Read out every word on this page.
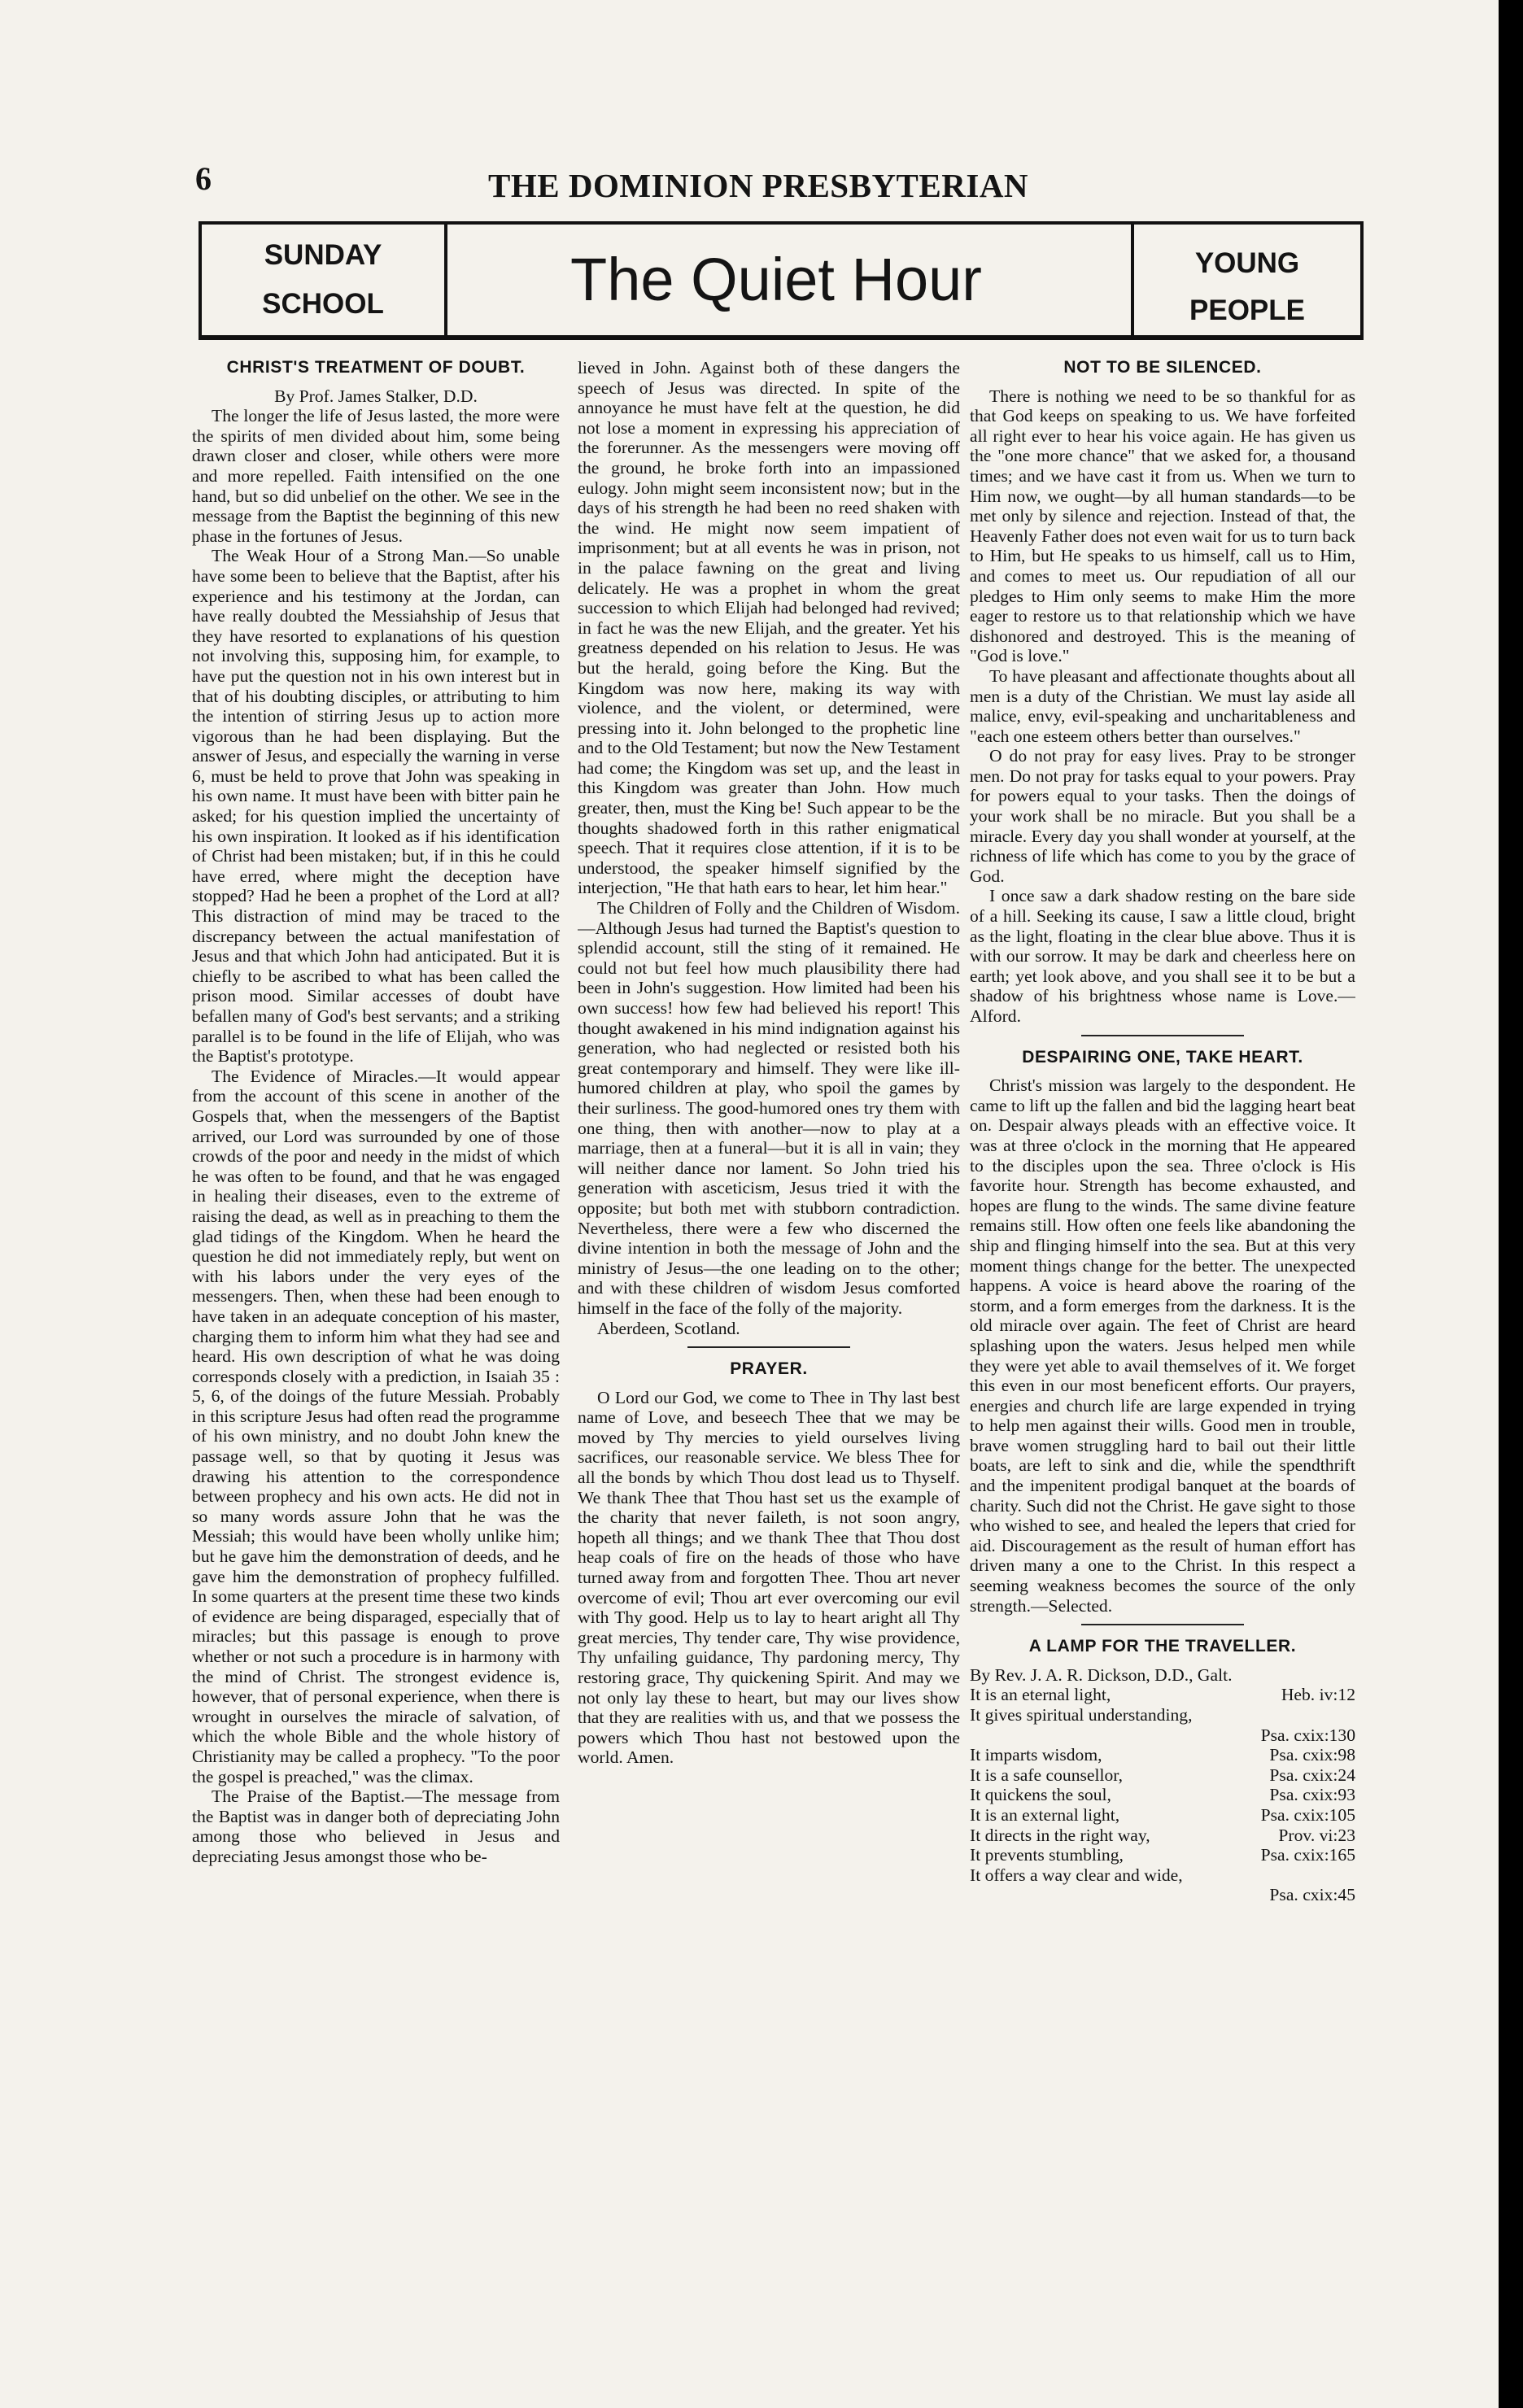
6	THE DOMINION PRESBYTERIAN
SUNDAY
SCHOOL	The Quiet Hour	YOUNG
PEOPLE
CHRIST'S TREATMENT OF DOUBT.

By Prof. James Stalker, D.D.

The longer the life of Jesus lasted, the more were the spirits of men divided about him, some being drawn closer and closer, while others were more and more repelled. Faith intensified on the one hand, but so did unbelief on the other. We see in the message from the Baptist the beginning of this new phase in the fortunes of Jesus.

The Weak Hour of a Strong Man.—So unable have some been to believe that the Baptist, after his experience and his testimony at the Jordan, can have really doubted the Messiahship of Jesus that they have resorted to explanations of his question not involving this, supposing him, for example, to have put the question not in his own interest but in that of his doubting disciples, or attributing to him the intention of stirring Jesus up to action more vigorous than he had been displaying. But the answer of Jesus, and especially the warning in verse 6, must be held to prove that John was speaking in his own name. It must have been with bitter pain he asked; for his question implied the uncertainty of his own inspiration. It looked as if his identification of Christ had been mistaken; but, if in this he could have erred, where might the deception have stopped? Had he been a prophet of the Lord at all?This distraction of mind may be traced to the discrepancy between the actual manifestation of Jesus and that which John had anticipated. But it is chiefly to be ascribed to what has been called the prison mood. Similar accesses of doubt have befallen many of God's best servants; and a striking parallel is to be found in the life of Elijah, who was the Baptist's prototype.

The Evidence of Miracles.—It would appear from the account of this scene in another of the Gospels that, when the messengers of the Baptist arrived, our Lord was surrounded by one of those crowds of the poor and needy in the midst of which he was often to be found, and that he was engaged in healing their diseases, even to the extreme of raising the dead, as well as in preaching to them the glad tidings of the Kingdom. When he heard the question he did not immediately reply, but went on with his labors under the very eyes of the messengers. Then, when these had been enough to have taken in an adequate conception of his master, charging them to inform him what they had see and heard. His own description of what he was doing corresponds closely with a prediction, in Isaiah 35 : 5, 6, of the doings of the future Messiah. Probably in this scripture Jesus had often read the programme of his own ministry, and no doubt John knew the passage well, so that by quoting it Jesus was drawing his attention to the correspondence between prophecy and his own acts. He did not in so many words assure John that he was the Messiah; this would have been wholly unlike him; but he gave him the demonstration of deeds, and he gave him the demonstration of prophecy fulfilled. In some quarters at the present time these two kinds of evidence are being disparaged, especially that of miracles; but this passage is enough to prove whether or not such a procedure is in harmony with the mind of Christ. The strongest evidence is, however, that of personal experience, when there is wrought in ourselves the miracle of salvation, of which the whole Bible and the whole history of Christianity may be called a prophecy. "To the poor the gospel is preached," was the climax.

The Praise of the Baptist.—The message from the Baptist was in danger both of depreciating John among those who believed in Jesus and depreciating Jesus amongst those who be-

lieved in John. Against both of these dangers the speech of Jesus was directed. In spite of the annoyance he must have felt at the question, he did not lose a moment in expressing his appreciation of the forerunner. As the messengers were moving off the ground, he broke forth into an impassioned eulogy. John might seem inconsistent now; but in the days of his strength he had been no reed shaken with the wind. He might now seem impatient of imprisonment; but at all events he was in prison, not in the palace fawning on the great and living delicately. He was a prophet in whom the great succession to which Elijah had belonged had revived; in fact he was the new Elijah, and the greater. Yet his greatness depended on his relation to Jesus. He was but the herald, going before the King. But the Kingdom was now here, making its way with violence, and the violent, or determined, were pressing into it. John belonged to the prophetic line and to the Old Testament; but now the New Testament had come; the Kingdom was set up, and the least in this Kingdom was greater than John. How much greater, then, must the King be! Such appear to be the thoughts shadowed forth in this rather enigmatical speech. That it requires close attention, if it is to be understood, the speaker himself signified by the interjection, "He that hath ears to hear, let him hear."

The Children of Folly and the Children of Wisdom.—Although Jesus had turned the Baptist's question to splendid account, still the sting of it remained. He could not but feel how much plausibility there had been in John's suggestion. How limited had been his own success! how few had believed his report! This thought awakened in his mind indignation against his generation, who had neglected or resisted both his great contemporary and himself. They were like ill-humored children at play, who spoil the games by their surliness. The good-humored ones try them with one thing, then with another—now to play at a marriage, then at a funeral—but it is all in vain; they will neither dance nor lament. So John tried his generation with asceticism, Jesus tried it with the opposite; but both met with stubborn contradiction. Nevertheless, there were a few who discerned the divine intention in both the message of John and the ministry of Jesus—the one leading on to the other; and with these children of wisdom Jesus comforted himself in the face of the folly of the majority.

Aberdeen, Scotland.

PRAYER.

O Lord our God, we come to Thee in Thy last best name of Love, and beseech Thee that we may be moved by Thy mercies to yield ourselves living sacrifices, our reasonable service. We bless Thee for all the bonds by which Thou dost lead us to Thyself. We thank Thee that Thou hast set us the example of the charity that never faileth, is not soon angry, hopeth all things; and we thank Thee that Thou dost heap coals of fire on the heads of those who have turned away from and forgotten Thee. Thou art never overcome of evil; Thou art ever overcoming our evil with Thy good. Help us to lay to heart aright all Thy great mercies, Thy tender care, Thy wise providence, Thy unfailing guidance, Thy pardoning mercy, Thy restoring grace, Thy quickening Spirit. And may we not only lay these to heart, but may our lives show that they are realities with us, and that we possess the powers which Thou hast not bestowed upon the world. Amen.

NOT TO BE SILENCED.

There is nothing we need to be so thankful for as that God keeps on speaking to us. We have forfeited all right ever to hear his voice again. He has given us the "one more chance" that we asked for, a thousand times; and we have cast it from us. When we turn to Him now, we ought—by all human standards—to be met only by silence and rejection. Instead of that, the Heavenly Father does not even wait for us to turn back to Him, but He speaks to us himself, call us to Him, and comes to meet us. Our repudiation of all our pledges to Him only seems to make Him the more eager to restore us to that relationship which we have dishonored and destroyed. This is the meaning of "God is love."

To have pleasant and affectionate thoughts about all men is a duty of the Christian. We must lay aside all malice, envy, evil-speaking and uncharitableness and "each one esteem others better than ourselves."

O do not pray for easy lives. Pray to be stronger men. Do not pray for tasks equal to your powers. Pray for powers equal to your tasks. Then the doings of your work shall be no miracle. But you shall be a miracle. Every day you shall wonder at yourself, at the richness of life which has come to you by the grace of God.

I once saw a dark shadow resting on the bare side of a hill. Seeking its cause, I saw a little cloud, bright as the light, floating in the clear blue above. Thus it is with our sorrow. It may be dark and cheerless here on earth; yet look above, and you shall see it to be but a shadow of his brightness whose name is Love.—Alford.

DESPAIRING ONE, TAKE HEART.

Christ's mission was largely to the despondent. He came to lift up the fallen and bid the lagging heart beat on. Despair always pleads with an effective voice. It was at three o'clock in the morning that He appeared to the disciples upon the sea. Three o'clock is His favorite hour. Strength has become exhausted, and hopes are flung to the winds. The same divine feature remains still. How often one feels like abandoning the ship and flinging himself into the sea. But at this very moment things change for the better. The unexpected happens. A voice is heard above the roaring of the storm, and a form emerges from the darkness. It is the old miracle over again. The feet of Christ are heard splashing upon the waters. Jesus helped men while they were yet able to avail themselves of it. We forget this even in our most beneficent efforts. Our prayers, energies and church life are large expended in trying to help men against their wills. Good men in trouble, brave women struggling hard to bail out their little boats, are left to sink and die, while the spendthrift and the impenitent prodigal banquet at the boards of charity. Such did not the Christ. He gave sight to those who wished to see, and healed the lepers that cried for aid. Discouragement as the result of human effort has driven many a one to the Christ. In this respect a seeming weakness becomes the source of the only strength.—Selected.

A LAMP FOR THE TRAVELLER.

By Rev. J. A. R. Dickson, D.D., Galt.

It is an eternal light,	Heb. iv:12
It gives spiritual understanding,
Psa. cxix:130
It imparts wisdom,	Psa. cxix:98
It is a safe counsellor,	Psa. cxix:24
It quickens the soul,	Psa. cxix:93
It is an external light,	Psa. cxix:105
It directs in the right way,	Prov. vi:23
It prevents stumbling,	Psa. cxix:165
It offers a way clear and wide,
Psa. cxix:45
